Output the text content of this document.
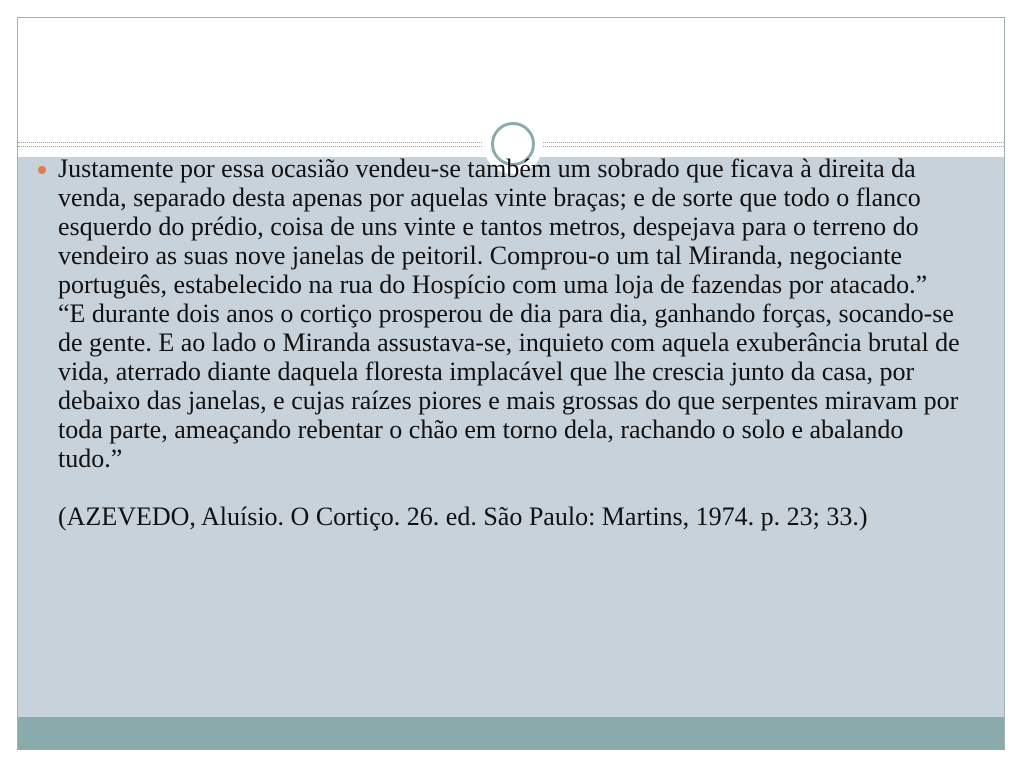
Justamente por essa ocasião vendeu-se também um sobrado que ficava à direita da venda, separado desta apenas por aquelas vinte braças; e de sorte que todo o flanco esquerdo do prédio, coisa de uns vinte e tantos metros, despejava para o terreno do vendeiro as suas nove janelas de peitoril. Comprou-o um tal Miranda, negociante português, estabelecido na rua do Hospício com uma loja de fazendas por atacado.”

“E durante dois anos o cortiço prosperou de dia para dia, ganhando forças, socando-se de gente. E ao lado o Miranda assustava-se, inquieto com aquela exuberância brutal de vida, aterrado diante daquela floresta implacável que lhe crescia junto da casa, por debaixo das janelas, e cujas raízes piores e mais grossas do que serpentes miravam por toda parte, ameaçando rebentar o chão em torno dela, rachando o solo e abalando tudo.”

(AZEVEDO, Aluísio. O Cortiço. 26. ed. São Paulo: Martins, 1974. p. 23; 33.)
